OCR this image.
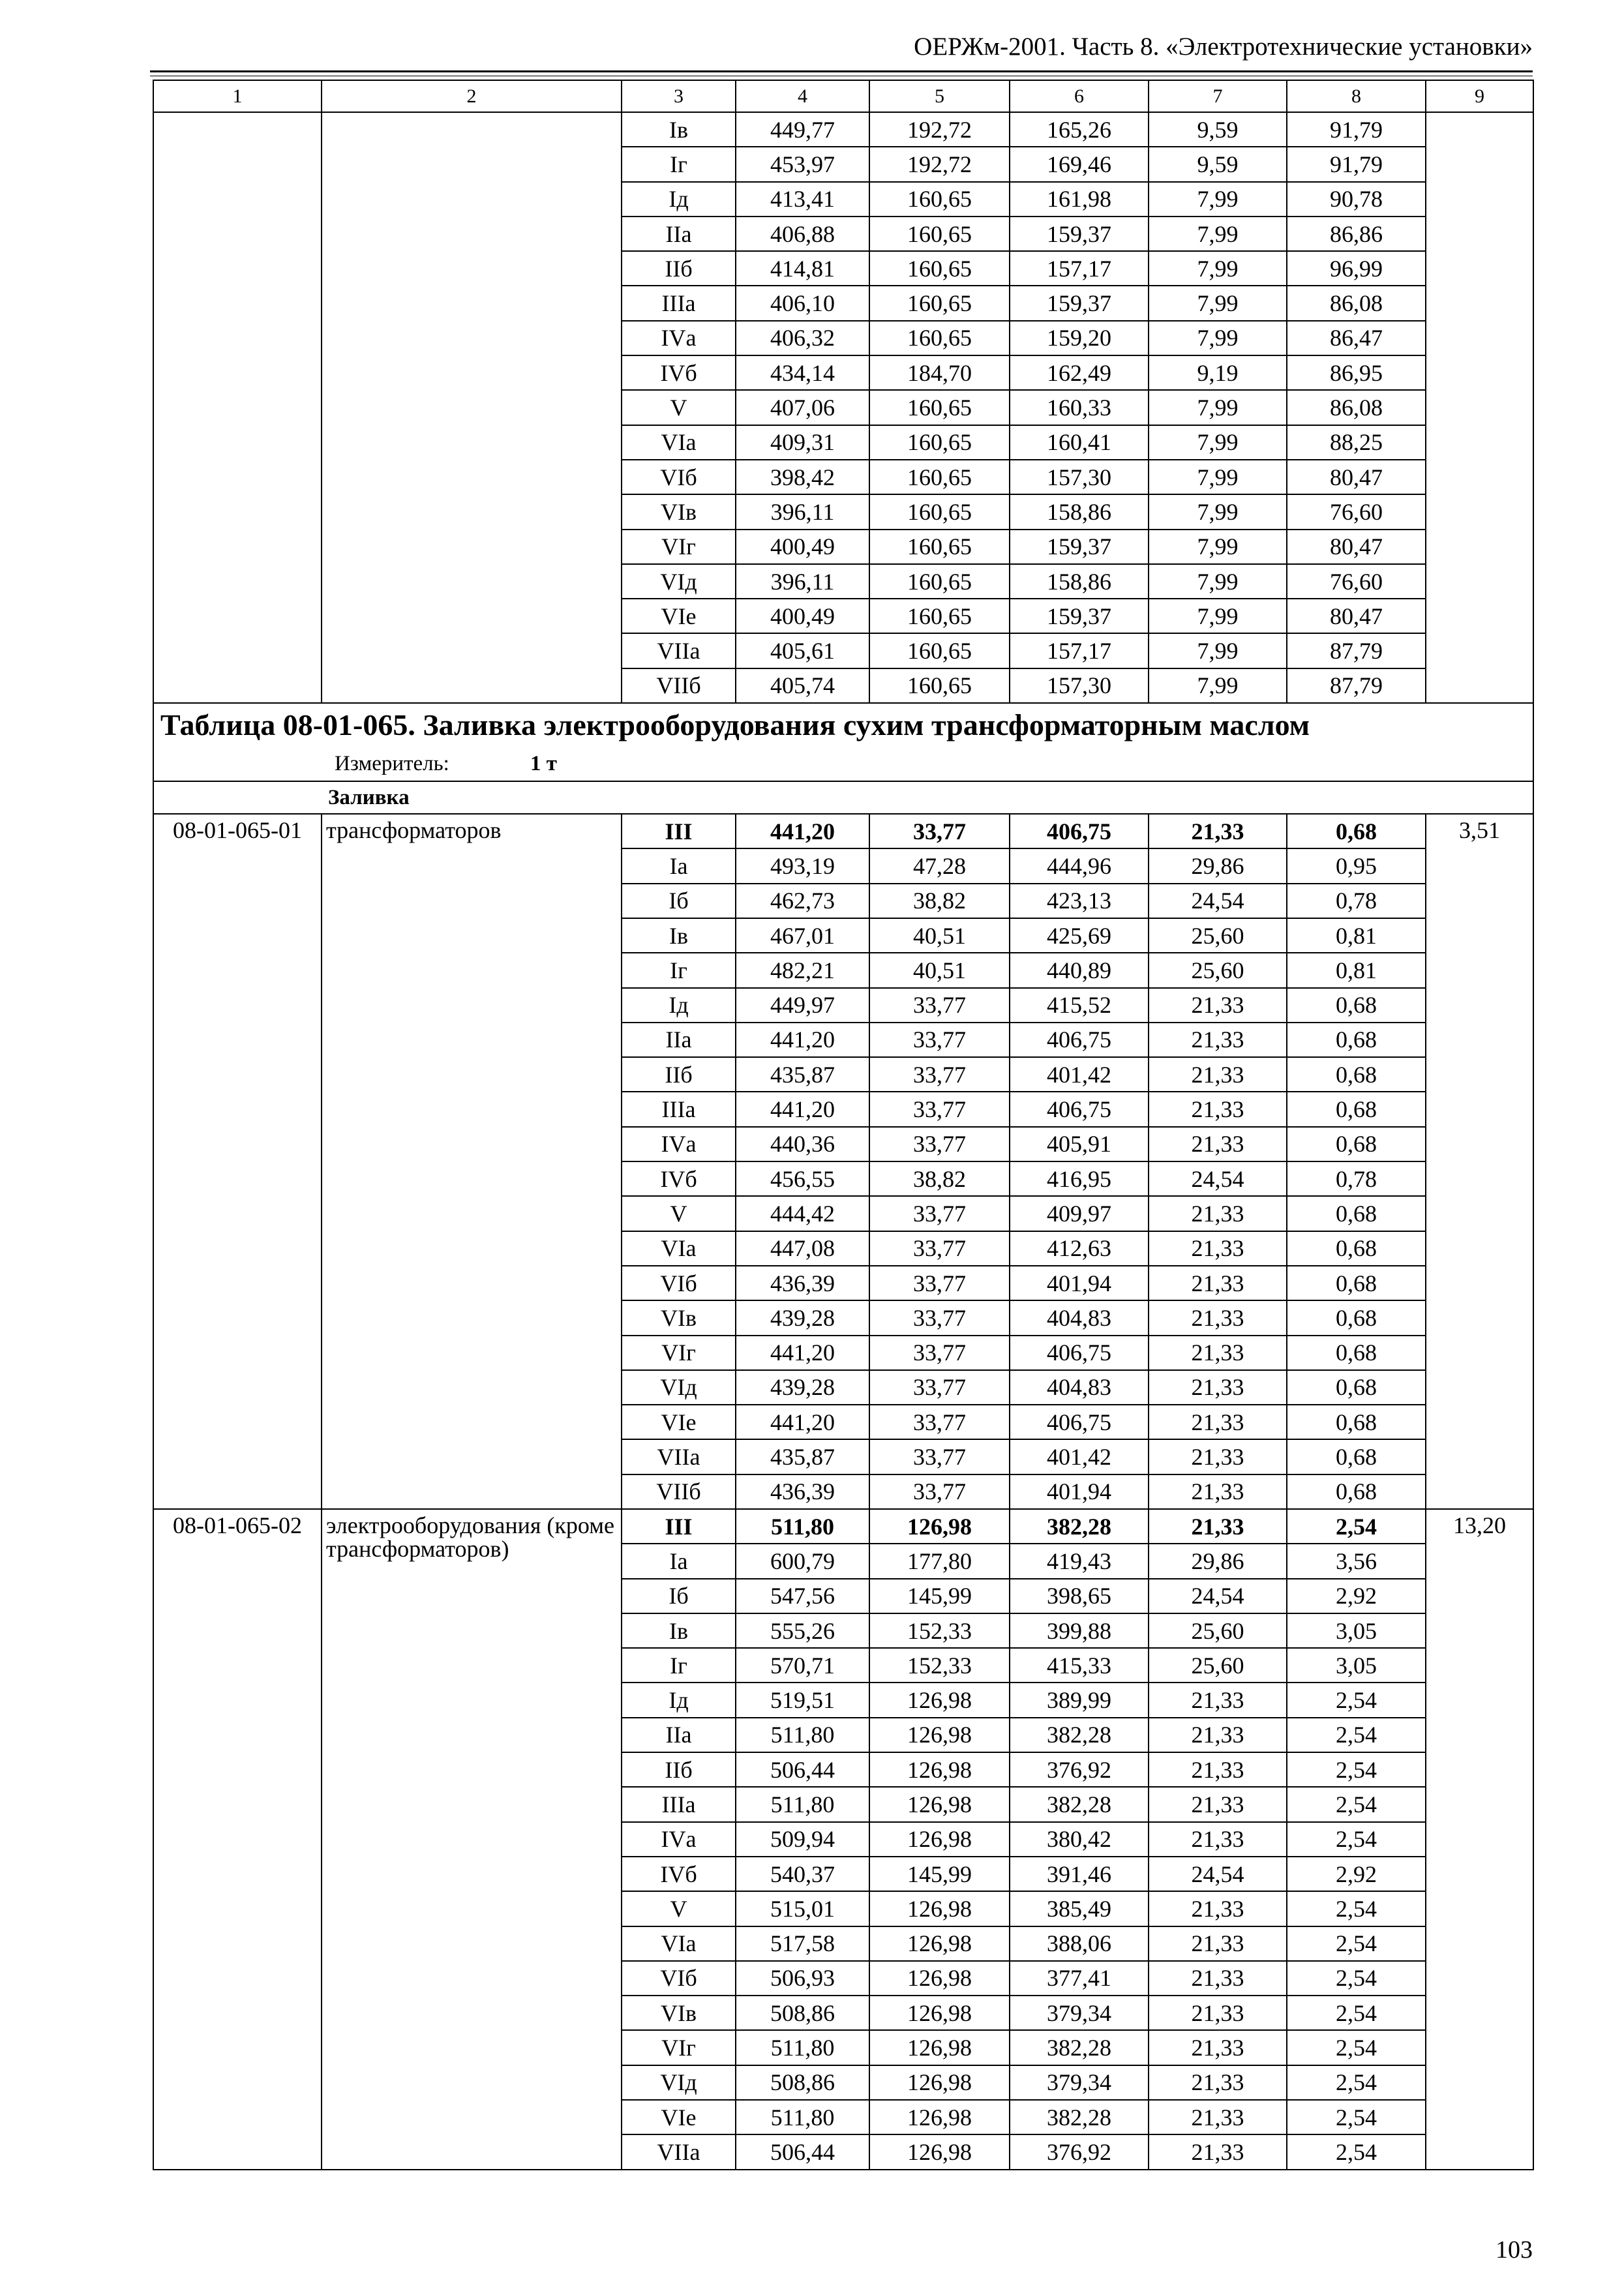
ОЕРЖм-2001. Часть 8. «Электротехнические установки»
1	2	3	4	5	6	7	8	9
		Iв	449,77	192,72	165,26	9,59	91,79	
		Iг	453,97	192,72	169,46	9,59	91,79	
		Iд	413,41	160,65	161,98	7,99	90,78	
		IIа	406,88	160,65	159,37	7,99	86,86	
		IIб	414,81	160,65	157,17	7,99	96,99	
		IIIа	406,10	160,65	159,37	7,99	86,08	
		IVа	406,32	160,65	159,20	7,99	86,47	
		IVб	434,14	184,70	162,49	9,19	86,95	
		V	407,06	160,65	160,33	7,99	86,08	
		VIа	409,31	160,65	160,41	7,99	88,25	
		VIб	398,42	160,65	157,30	7,99	80,47	
		VIв	396,11	160,65	158,86	7,99	76,60	
		VIг	400,49	160,65	159,37	7,99	80,47	
		VIд	396,11	160,65	158,86	7,99	76,60	
		VIе	400,49	160,65	159,37	7,99	80,47	
		VIIа	405,61	160,65	157,17	7,99	87,79	
		VIIб	405,74	160,65	157,30	7,99	87,79	
Таблица 08-01-065. Заливка электрооборудования сухим трансформаторным маслом								
Измеритель: 1 т								
	Заливка							
08-01-065-01	трансформаторов	III	441,20	33,77	406,75	21,33	0,68	3,51
		Iа	493,19	47,28	444,96	29,86	0,95	
		Iб	462,73	38,82	423,13	24,54	0,78	
		Iв	467,01	40,51	425,69	25,60	0,81	
		Iг	482,21	40,51	440,89	25,60	0,81	
		Iд	449,97	33,77	415,52	21,33	0,68	
		IIа	441,20	33,77	406,75	21,33	0,68	
		IIб	435,87	33,77	401,42	21,33	0,68	
		IIIа	441,20	33,77	406,75	21,33	0,68	
		IVа	440,36	33,77	405,91	21,33	0,68	
		IVб	456,55	38,82	416,95	24,54	0,78	
		V	444,42	33,77	409,97	21,33	0,68	
		VIа	447,08	33,77	412,63	21,33	0,68	
		VIб	436,39	33,77	401,94	21,33	0,68	
		VIв	439,28	33,77	404,83	21,33	0,68	
		VIг	441,20	33,77	406,75	21,33	0,68	
		VIд	439,28	33,77	404,83	21,33	0,68	
		VIе	441,20	33,77	406,75	21,33	0,68	
		VIIа	435,87	33,77	401,42	21,33	0,68	
		VIIб	436,39	33,77	401,94	21,33	0,68	
08-01-065-02	электрооборудования (кроме трансформаторов)	III	511,80	126,98	382,28	21,33	2,54	13,20
		Iа	600,79	177,80	419,43	29,86	3,56	
		Iб	547,56	145,99	398,65	24,54	2,92	
		Iв	555,26	152,33	399,88	25,60	3,05	
		Iг	570,71	152,33	415,33	25,60	3,05	
		Iд	519,51	126,98	389,99	21,33	2,54	
		IIа	511,80	126,98	382,28	21,33	2,54	
		IIб	506,44	126,98	376,92	21,33	2,54	
		IIIа	511,80	126,98	382,28	21,33	2,54	
		IVа	509,94	126,98	380,42	21,33	2,54	
		IVб	540,37	145,99	391,46	24,54	2,92	
		V	515,01	126,98	385,49	21,33	2,54	
		VIа	517,58	126,98	388,06	21,33	2,54	
		VIб	506,93	126,98	377,41	21,33	2,54	
		VIв	508,86	126,98	379,34	21,33	2,54	
		VIг	511,80	126,98	382,28	21,33	2,54	
		VIд	508,86	126,98	379,34	21,33	2,54	
		VIе	511,80	126,98	382,28	21,33	2,54	
		VIIа	506,44	126,98	376,92	21,33	2,54	
103
